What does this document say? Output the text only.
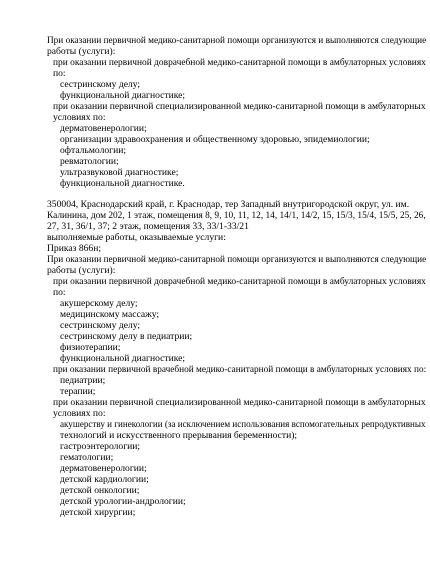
При оказании первичной медико-санитарной помощи организуются и выполняются следующие
работы (услуги):
при оказании первичной доврачебной медико-санитарной помощи в амбулаторных условиях
по:
сестринскому делу;
функциональной диагностике;
при оказании первичной специализированной медико-санитарной помощи в амбулаторных
условиях по:
дерматовенерологии;
организации здравоохранения и общественному здоровью, эпидемиологии;
офтальмологии;
ревматологии;
ультразвуковой диагностике;
функциональной диагностике.
350004, Краснодарский край, г. Краснодар, тер Западный внутригородской округ, ул. им.
Калинина, дом 202, 1 этаж, помещения 8, 9, 10, 11, 12, 14, 14/1, 14/2, 15, 15/3, 15/4, 15/5, 25, 26,
27, 31, 36/1, 37; 2 этаж, помещения 33, 33/1-33/21
выполняемые работы, оказываемые услуги:
Приказ 866н;
При оказании первичной медико-санитарной помощи организуются и выполняются следующие
работы (услуги):
при оказании первичной доврачебной медико-санитарной помощи в амбулаторных условиях
по:
акушерскому делу;
медицинскому массажу;
сестринскому делу;
сестринскому делу в педиатрии;
физиотерапии;
функциональной диагностике;
при оказании первичной врачебной медико-санитарной помощи в амбулаторных условиях по:
педиатрии;
терапии;
при оказании первичной специализированной медико-санитарной помощи в амбулаторных
условиях по:
акушерству и гинекологии (за исключением использования вспомогательных репродуктивных
технологий и искусственного прерывания беременности);
гастроэнтерологии;
гематологии;
дерматовенерологии;
детской кардиологии;
детской онкологии;
детской урологии-андрологии;
детской хирургии;
